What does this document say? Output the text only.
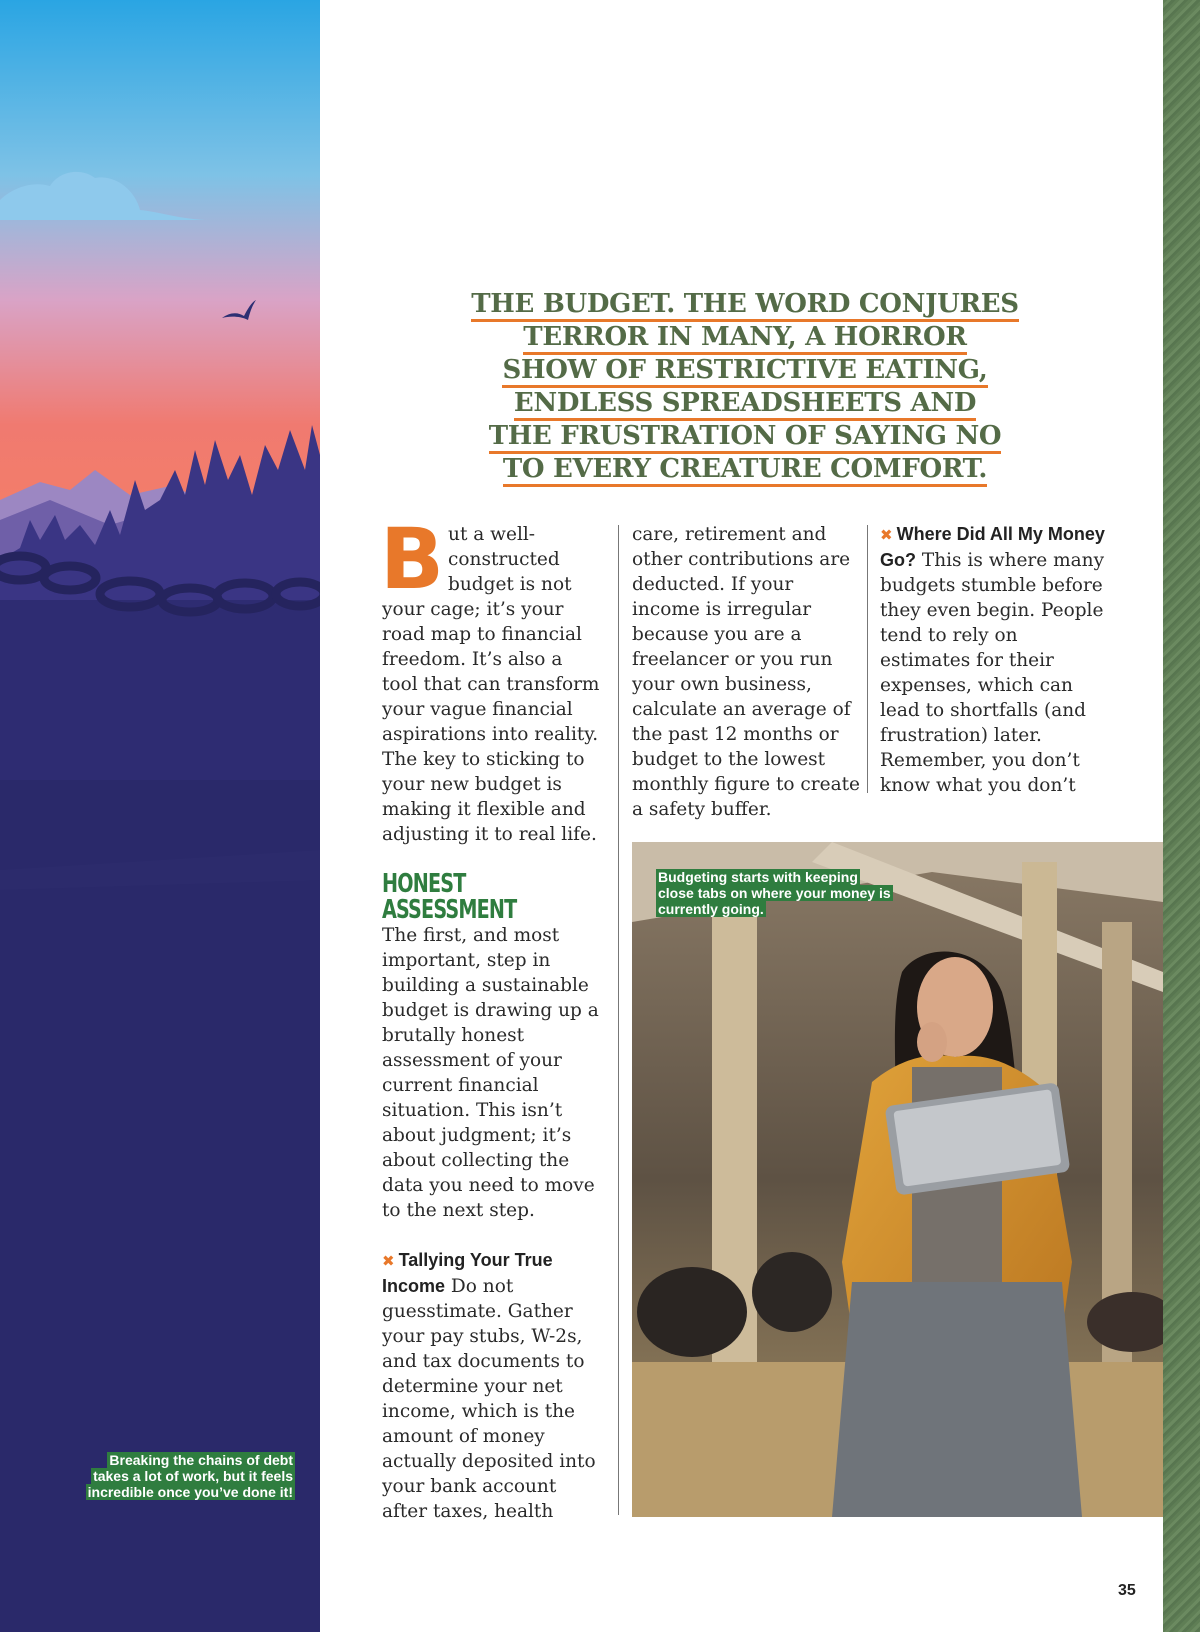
Breaking the chains of debt takes a lot of work, but it feels incredible once you’ve done it!

THE BUDGET. THE WORD CONJURES

TERROR IN MANY, A HORROR

SHOW OF RESTRICTIVE EATING,

ENDLESS SPREADSHEETS AND

THE FRUSTRATION OF SAYING NO

TO EVERY CREATURE COMFORT.

But a well-constructed budget is not your cage; it’s your road map to financial freedom. It’s also a tool that can transform your vague financial aspirations into reality. The key to sticking to your new budget is making it flexible and adjusting it to real life.

HONEST ASSESSMENT

The first, and most important, step in building a sustainable budget is drawing up a brutally honest assessment of your current financial situation. This isn’t about judgment; it’s about collecting the data you need to move to the next step.

✖ Tallying Your True Income Do not guesstimate. Gather your pay stubs, W-2s, and tax documents to determine your net income, which is the amount of money actually deposited into your bank account after taxes, health

care, retirement and other contributions are deducted. If your income is irregular because you are a freelancer or you run your own business, calculate an average of the past 12 months or budget to the lowest monthly figure to create a safety buffer.

✖ Where Did All My Money Go? This is where many budgets stumble before they even begin. People tend to rely on estimates for their expenses, which can lead to shortfalls (and frustration) later. Remember, you don’t know what you don’t

Budgeting starts with keeping close tabs on where your money is currently going.
35
